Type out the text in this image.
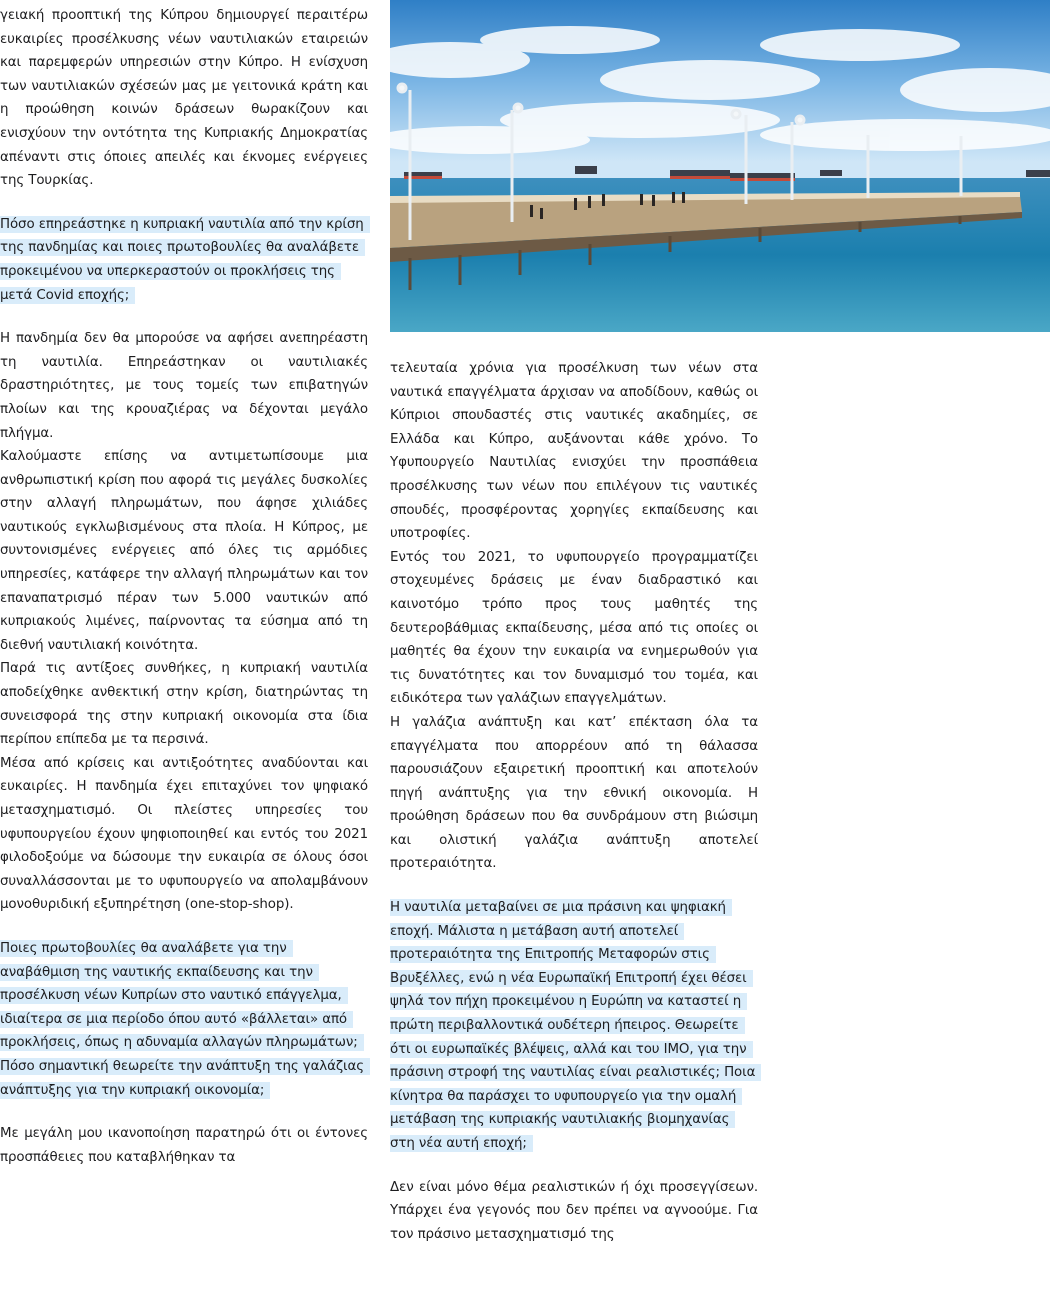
γειακή προοπτική της Κύπρου δημιουργεί περαιτέρω ευκαιρίες προσέλκυσης νέων ναυτιλιακών εταιρειών και παρεμφερών υπηρεσιών στην Κύπρο. Η ενίσχυση των ναυτιλιακών σχέσεών μας με γειτονικά κράτη και η προώθηση κοινών δράσεων θωρακίζουν και ενισχύουν την οντότητα της Κυπριακής Δημοκρατίας απέναντι στις όποιες απειλές και έκνομες ενέργειες της Τουρκίας.

Πόσο επηρεάστηκε η κυπριακή ναυτιλία από την κρίση της πανδημίας και ποιες πρωτοβουλίες θα αναλάβετε προκειμένου να υπερκεραστούν οι προκλήσεις της μετά Covid εποχής;

Η πανδημία δεν θα μπορούσε να αφήσει ανεπηρέαστη τη ναυτιλία. Επηρεάστηκαν οι ναυτιλιακές δραστηριότητες, με τους τομείς των επιβατηγών πλοίων και της κρουαζιέρας να δέχονται μεγάλο πλήγμα.

Καλούμαστε επίσης να αντιμετωπίσουμε μια ανθρωπιστική κρίση που αφορά τις μεγάλες δυσκολίες στην αλλαγή πληρωμάτων, που άφησε χιλιάδες ναυτικούς εγκλωβισμένους στα πλοία. Η Κύπρος, με συντονισμένες ενέργειες από όλες τις αρμόδιες υπηρεσίες, κατάφερε την αλλαγή πληρωμάτων και τον επαναπατρισμό πέραν των 5.000 ναυτικών από κυπριακούς λιμένες, παίρνοντας τα εύσημα από τη διεθνή ναυτιλιακή κοινότητα.

Παρά τις αντίξοες συνθήκες, η κυπριακή ναυτιλία αποδείχθηκε ανθεκτική στην κρίση, διατηρώντας τη συνεισφορά της στην κυπριακή οικονομία στα ίδια περίπου επίπεδα με τα περσινά.

Μέσα από κρίσεις και αντιξοότητες αναδύονται και ευκαιρίες. Η πανδημία έχει επιταχύνει τον ψηφιακό μετασχηματισμό. Οι πλείστες υπηρεσίες του υφυπουργείου έχουν ψηφιοποιηθεί και εντός του 2021 φιλοδοξούμε να δώσουμε την ευκαιρία σε όλους όσοι συναλλάσσονται με το υφυπουργείο να απολαμβάνουν μονοθυριδική εξυπηρέτηση (one-stop-shop).

Ποιες πρωτοβουλίες θα αναλάβετε για την αναβάθμιση της ναυτικής εκπαίδευσης και την προσέλκυση νέων Κυπρίων στο ναυτικό επάγγελμα, ιδιαίτερα σε μια περίοδο όπου αυτό «βάλλεται» από προκλήσεις, όπως η αδυναμία αλλαγών πληρωμάτων; Πόσο σημαντική θεωρείτε την ανάπτυξη της γαλάζιας ανάπτυξης για την κυπριακή οικονομία;

Με μεγάλη μου ικανοποίηση παρατηρώ ότι οι έντονες προσπάθειες που καταβλήθηκαν τα

τελευταία χρόνια για προσέλκυση των νέων στα ναυτικά επαγγέλματα άρχισαν να αποδίδουν, καθώς οι Κύπριοι σπουδαστές στις ναυτικές ακαδημίες, σε Ελλάδα και Κύπρο, αυξάνονται κάθε χρόνο. Το Υφυπουργείο Ναυτιλίας ενισχύει την προσπάθεια προσέλκυσης των νέων που επιλέγουν τις ναυτικές σπουδές, προσφέροντας χορηγίες εκπαίδευσης και υποτροφίες.

Εντός του 2021, το υφυπουργείο προγραμματίζει στοχευμένες δράσεις με έναν διαδραστικό και καινοτόμο τρόπο προς τους μαθητές της δευτεροβάθμιας εκπαίδευσης, μέσα από τις οποίες οι μαθητές θα έχουν την ευκαιρία να ενημερωθούν για τις δυνατότητες και τον δυναμισμό του τομέα, και ειδικότερα των γαλάζιων επαγγελμάτων.

Η γαλάζια ανάπτυξη και κατ’ επέκταση όλα τα επαγγέλματα που απορρέουν από τη θάλασσα παρουσιάζουν εξαιρετική προοπτική και αποτελούν πηγή ανάπτυξης για την εθνική οικονομία. Η προώθηση δράσεων που θα συνδράμουν στη βιώσιμη και ολιστική γαλάζια ανάπτυξη αποτελεί προτεραιότητα.

Η ναυτιλία μεταβαίνει σε μια πράσινη και ψηφιακή εποχή. Μάλιστα η μετάβαση αυτή αποτελεί προτεραιότητα της Επιτροπής Μεταφορών στις Βρυξέλλες, ενώ η νέα Ευρωπαϊκή Επιτροπή έχει θέσει ψηλά τον πήχη προκειμένου η Ευρώπη να καταστεί η πρώτη περιβαλλοντικά ουδέτερη ήπειρος. Θεωρείτε ότι οι ευρωπαϊκές βλέψεις, αλλά και του IMO, για την πράσινη στροφή της ναυτιλίας είναι ρεαλιστικές; Ποια κίνητρα θα παράσχει το υφυπουργείο για την ομαλή μετάβαση της κυπριακής ναυτιλιακής βιομηχανίας στη νέα αυτή εποχή;

Δεν είναι μόνο θέμα ρεαλιστικών ή όχι προσεγγίσεων. Υπάρχει ένα γεγονός που δεν πρέπει να αγνοούμε. Για τον πράσινο μετασχηματισμό της
